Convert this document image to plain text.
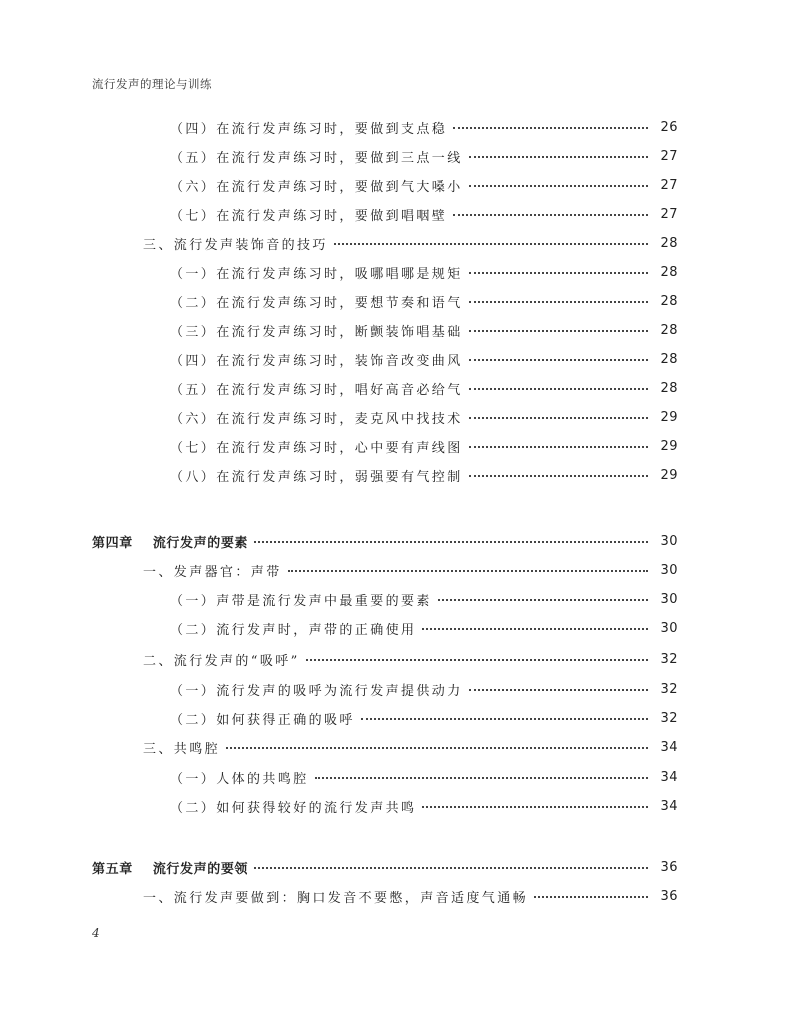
流行发声的理论与训练
（四）在流行发声练习时，要做到支点稳	26
（五）在流行发声练习时，要做到三点一线	27
（六）在流行发声练习时，要做到气大嗓小	27
（七）在流行发声练习时，要做到唱咽壁	27
三、流行发声装饰音的技巧	28
（一）在流行发声练习时，吸哪唱哪是规矩	28
（二）在流行发声练习时，要想节奏和语气	28
（三）在流行发声练习时，断颤装饰唱基础	28
（四）在流行发声练习时，装饰音改变曲风	28
（五）在流行发声练习时，唱好高音必给气	28
（六）在流行发声练习时，麦克风中找技术	29
（七）在流行发声练习时，心中要有声线图	29
（八）在流行发声练习时，弱强要有气控制	29
第四章 流行发声的要素	30
一、发声器官：声带	30
（一）声带是流行发声中最重要的要素	30
（二）流行发声时，声带的正确使用	30
二、流行发声的“吸呼”	32
（一）流行发声的吸呼为流行发声提供动力	32
（二）如何获得正确的吸呼	32
三、共鸣腔	34
（一）人体的共鸣腔	34
（二）如何获得较好的流行发声共鸣	34
第五章 流行发声的要领	36
一、流行发声要做到：胸口发音不要憋，声音适度气通畅	36
4
